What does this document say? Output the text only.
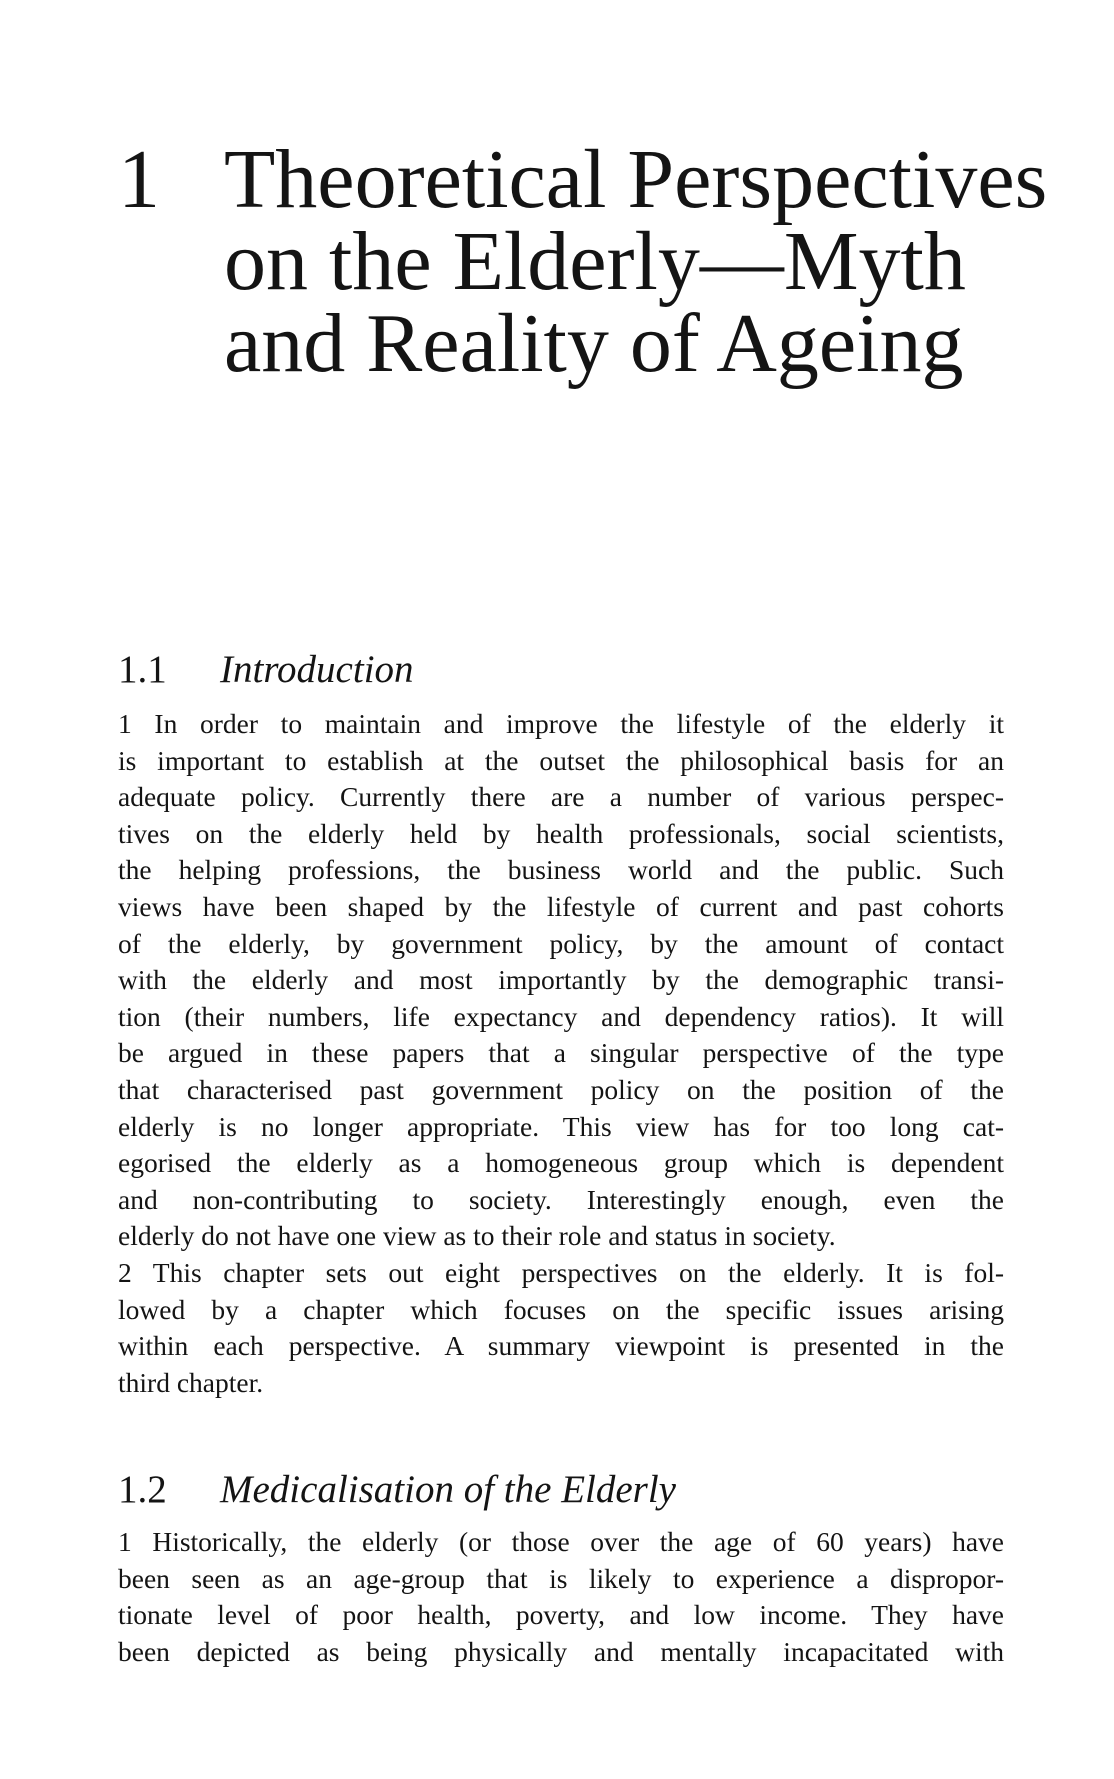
1 Theoretical Perspectives
on the Elderly—Myth
and Reality of Ageing
1.1 Introduction
1 In order to maintain and improve the lifestyle of the elderly it
is important to establish at the outset the philosophical basis for an
adequate policy. Currently there are a number of various perspec-
tives on the elderly held by health professionals, social scientists,
the helping professions, the business world and the public. Such
views have been shaped by the lifestyle of current and past cohorts
of the elderly, by government policy, by the amount of contact
with the elderly and most importantly by the demographic transi-
tion (their numbers, life expectancy and dependency ratios). It will
be argued in these papers that a singular perspective of the type
that characterised past government policy on the position of the
elderly is no longer appropriate. This view has for too long cat-
egorised the elderly as a homogeneous group which is dependent
and non-contributing to society. Interestingly enough, even the
elderly do not have one view as to their role and status in society.
2 This chapter sets out eight perspectives on the elderly. It is fol-
lowed by a chapter which focuses on the specific issues arising
within each perspective. A summary viewpoint is presented in the
third chapter.
1.2 Medicalisation of the Elderly
1 Historically, the elderly (or those over the age of 60 years) have
been seen as an age-group that is likely to experience a dispropor-
tionate level of poor health, poverty, and low income. They have
been depicted as being physically and mentally incapacitated with
